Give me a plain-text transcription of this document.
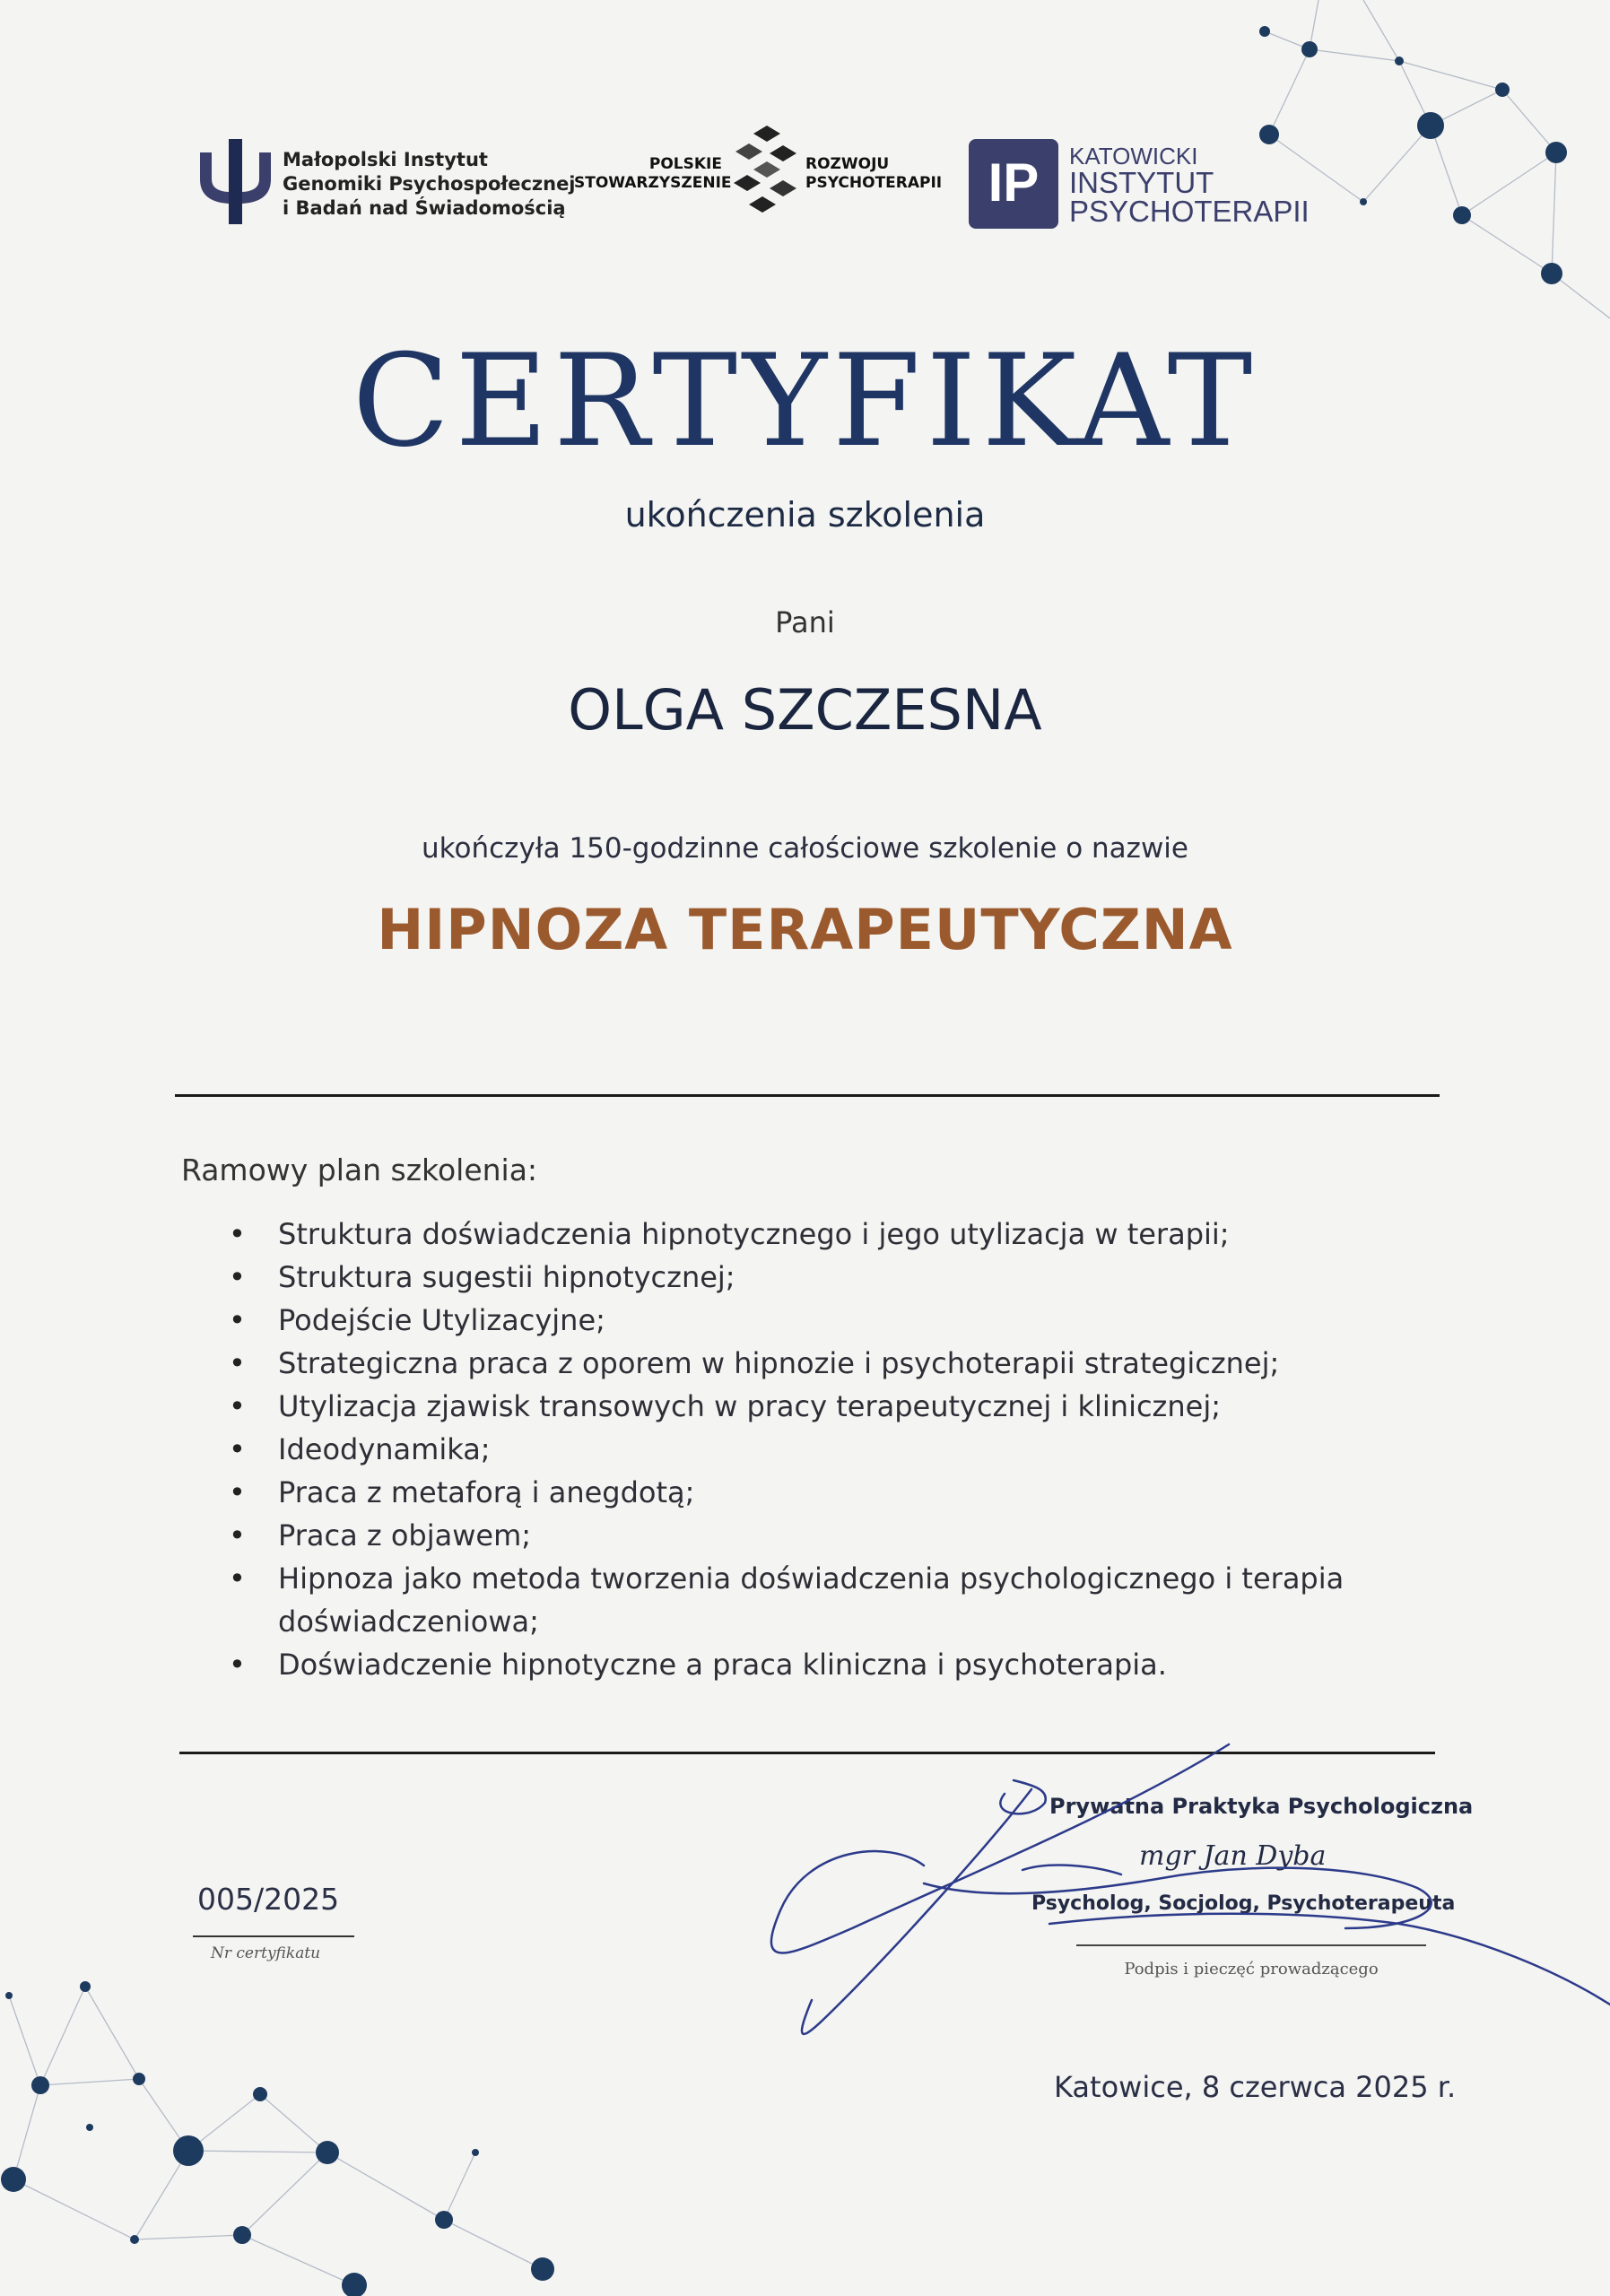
Małopolski Instytut
Genomiki Psychospołecznej
i Badań nad Świadomością
POLSKIE
STOWARZYSZENIE
ROZWOJU
PSYCHOTERAPII IP	KATOWICKI
INSTYTUT
PSYCHOTERAPII
CERTYFIKAT
ukończenia szkolenia
Pani
OLGA SZCZESNA
ukończyła 150-godzinne całościowe szkolenie o nazwie
HIPNOZA TERAPEUTYCZNA
Ramowy plan szkolenia:
• Struktura doświadczenia hipnotycznego i jego utylizacja w terapii;
• Struktura sugestii hipnotycznej;
• Podejście Utylizacyjne;
• Strategiczna praca z oporem w hipnozie i psychoterapii strategicznej;
• Utylizacja zjawisk transowych w pracy terapeutycznej i klinicznej;
• Ideodynamika;
• Praca z metaforą i anegdotą;
• Praca z objawem;
• Hipnoza jako metoda tworzenia doświadczenia psychologicznego i terapia doświadczeniowa;
• Doświadczenie hipnotyczne a praca kliniczna i psychoterapia.
005/2025
Nr certyfikatu
Prywatna Praktyka Psychologiczna
mgr Jan Dyba
Psycholog, Socjolog, Psychoterapeuta
Podpis i pieczęć prowadzącego
Katowice, 8 czerwca 2025 r.
